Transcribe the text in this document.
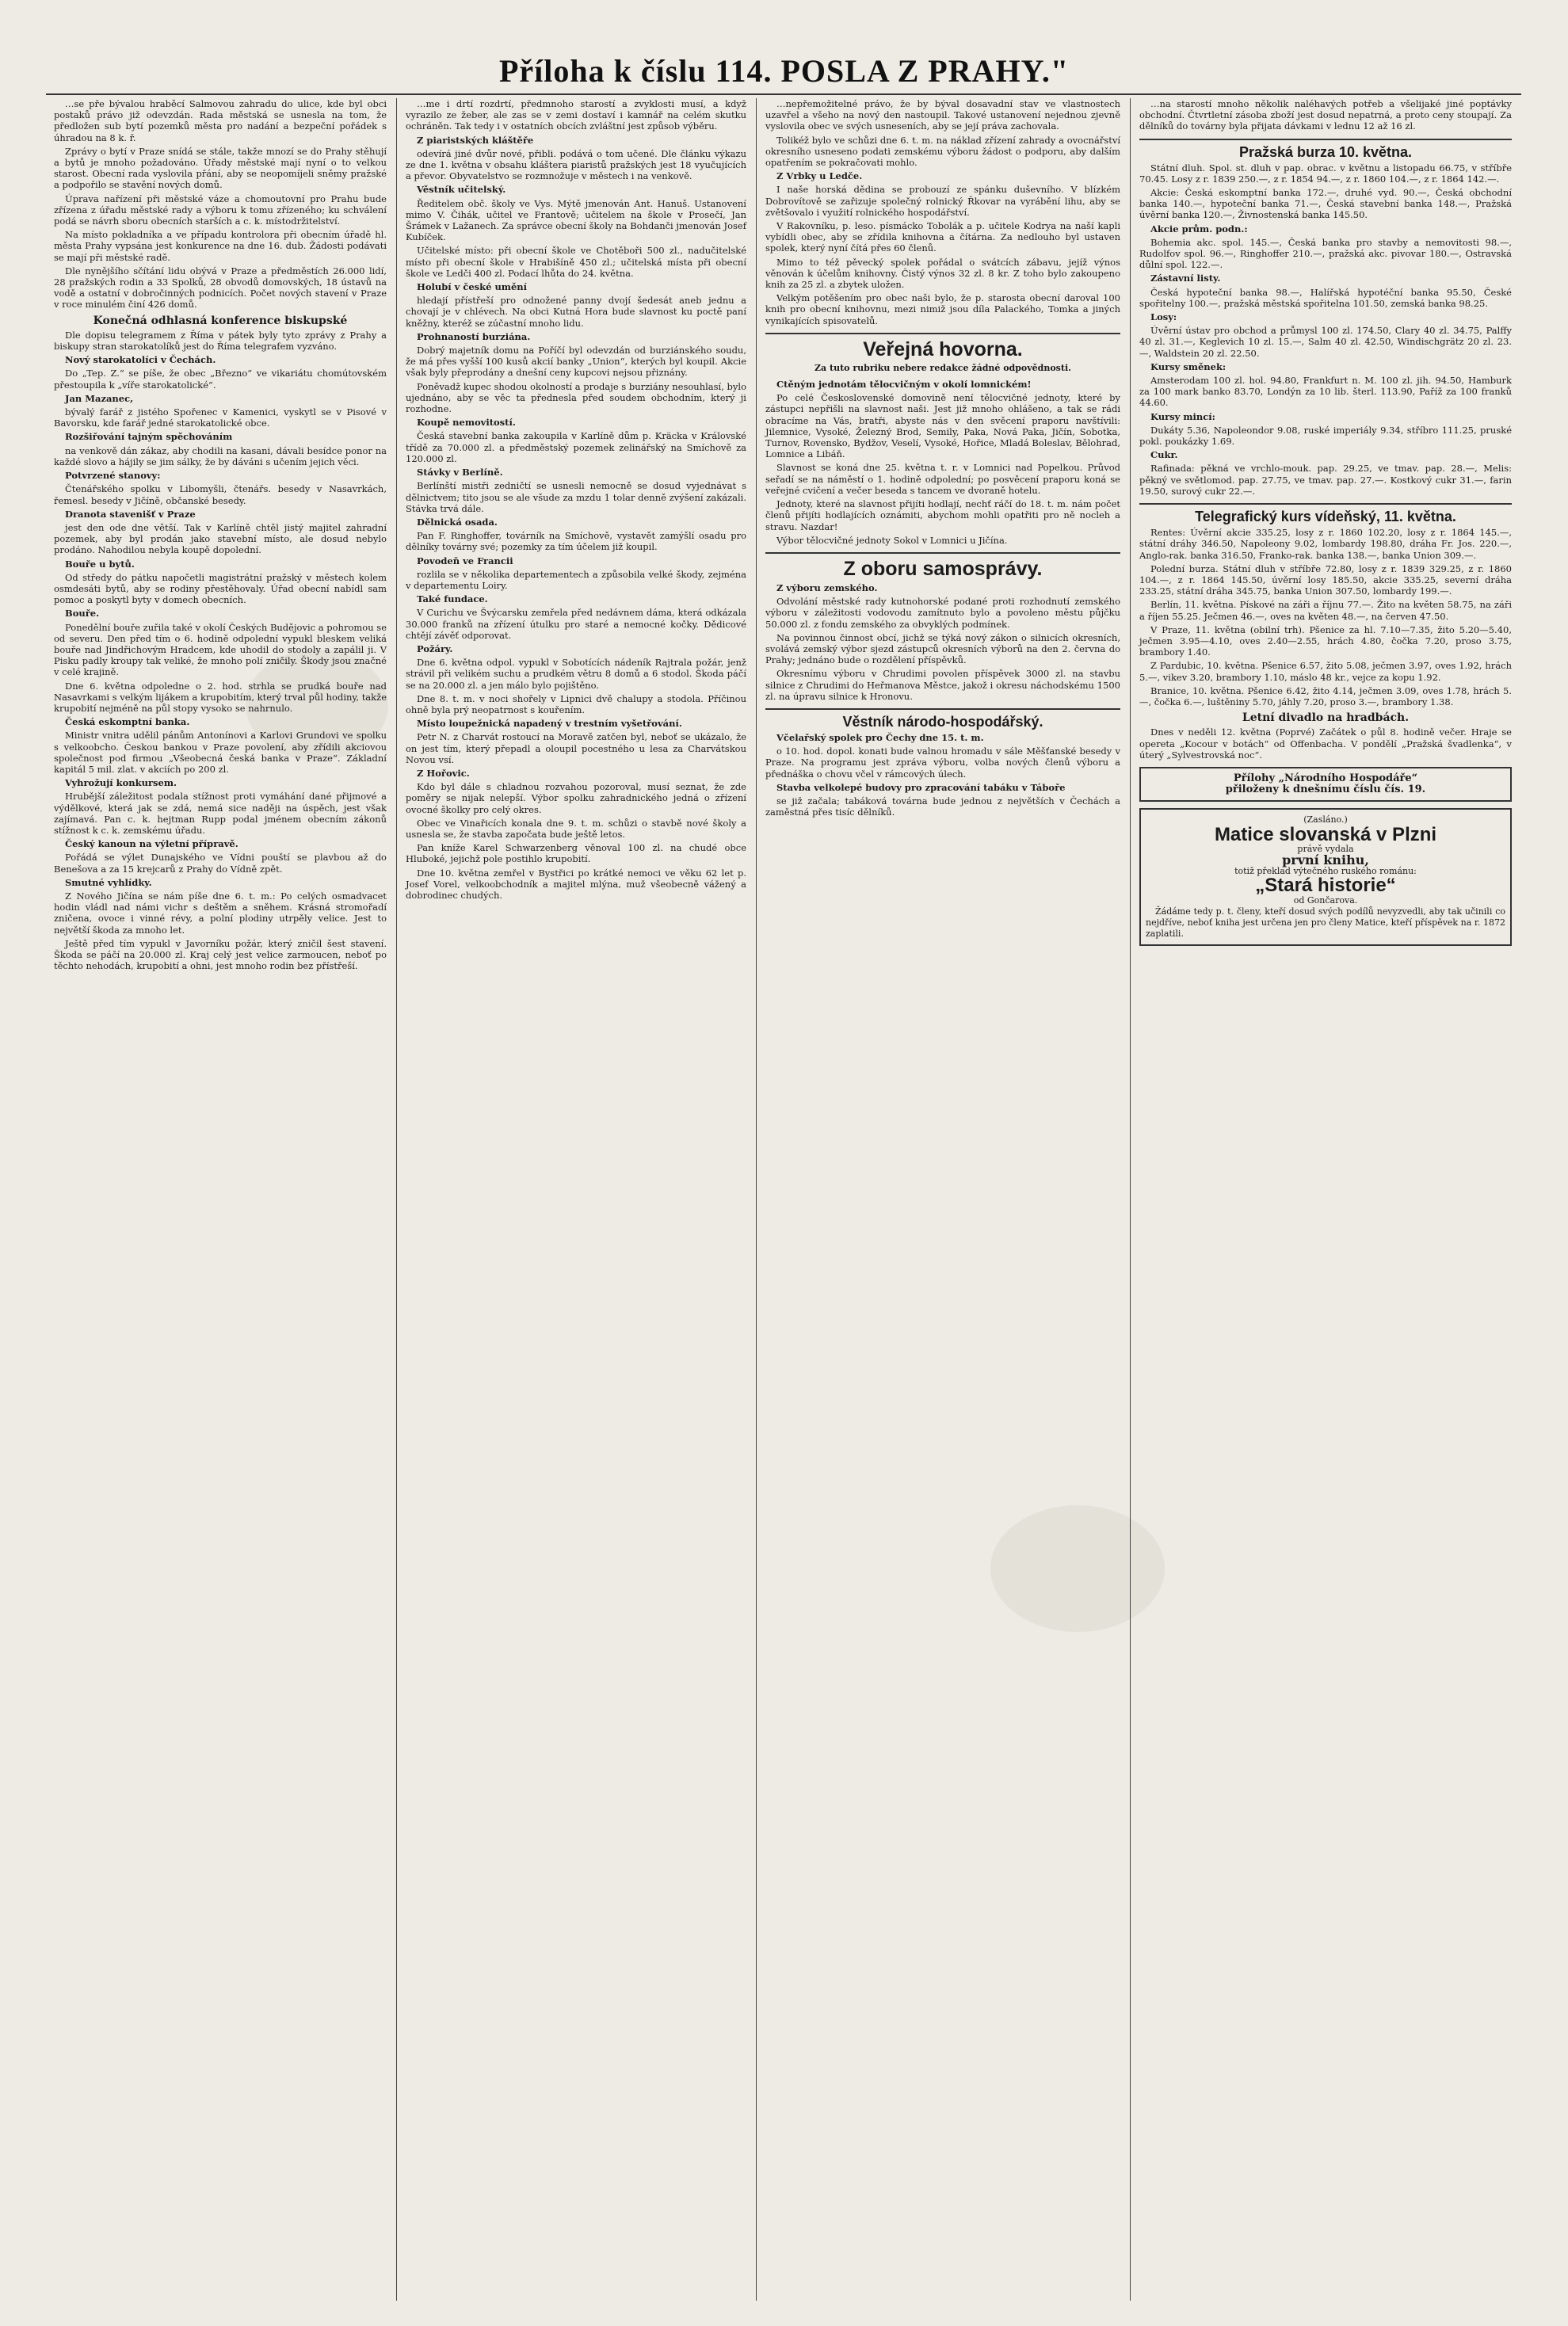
Příloha k číslu 114. POSLA Z PRAHY."

…se pře bývalou hraběcí Salmovou zahradu do ulice, kde byl obci postaků právo již odevzdán. Rada městská se usnesla na tom, že předložen sub bytí pozemků města pro nadání a bezpeční pořádek s úhradou na 8 k. ř.

Zprávy o bytí v Praze snídá se stále, takže mnozí se do Prahy stěhují a bytů je mnoho požadováno. Úřady městské mají nyní o to velkou starost. Obecní rada vyslovila přání, aby se neopomíjeli sněmy pražské a podpořilo se stavění nových domů.

Úprava nařízení při městské váze a chomoutovní pro Prahu bude zřízena z úřadu městské rady a výboru k tomu zřízeného; ku schválení podá se návrh sboru obecních starších a c. k. místodržitelství.

Na místo pokladníka a ve případu kontrolora při obecním úřadě hl. města Prahy vypsána jest konkurence na dne 16. dub. Žádosti podávati se mají při městské radě.

Dle nynějšího sčítání lidu obývá v Praze a předměstích 26.000 lidí, 28 pražských rodin a 33 Spolků, 28 obvodů domovských, 18 ústavů na vodě a ostatní v dobročinných podnicích. Počet nových stavení v Praze v roce minulém činí 426 domů.

Konečná odhlasná konference biskupské

Dle dopisu telegramem z Říma v pátek byly tyto zprávy z Prahy a biskupy stran starokatolíků jest do Říma telegrafem vyzváno.

Nový starokatolíci v Čechách.

Do „Tep. Z.“ se píše, že obec „Březno“ ve vikariátu chomútovském přestoupila k „víře starokatolické“.

Jan Mazanec,

bývalý farář z jistého Spořenec v Kamenici, vyskytl se v Pisové v Bavorsku, kde farář jedné starokatolické obce.

Rozšiřování tajným spěchováním

na venkově dán zákaz, aby chodili na kasani, dávali besídce ponor na každé slovo a hájily se jim sálky, že by dáváni s učením jejich věci.

Potvrzené stanovy:

Čtenářského spolku v Libomyšli, čtenářs. besedy v Nasavrkách, řemesl. besedy v Jičíně, občanské besedy.

Dranota stavenišť v Praze

jest den ode dne větší. Tak v Karlíně chtěl jistý majitel zahradní pozemek, aby byl prodán jako stavební místo, ale dosud nebylo prodáno. Nahodilou nebyla koupě dopolední.

Bouře u bytů.

Od středy do pátku napočetli magistrátní pražský v městech kolem osmdesáti bytů, aby se rodiny přestěhovaly. Úřad obecní nabídl sam pomoc a poskytl byty v domech obecních.

Bouře.

Ponedělní bouře zuřila také v okolí Českých Budějovic a pohromou se od severu. Den před tím o 6. hodině odpolední vypukl bleskem veliká bouře nad Jindřichovým Hradcem, kde uhodil do stodoly a zapálil ji. V Pisku padly kroupy tak veliké, že mnoho polí zničily. Škody jsou značné v celé krajině.

Dne 6. května odpoledne o 2. hod. strhla se prudká bouře nad Nasavrkami s velkým lijákem a krupobitím, který trval půl hodiny, takže krupobití nejméně na půl stopy vysoko se nahrnulo.

Česká eskomptní banka.

Ministr vnitra udělil pánům Antonínovi a Karlovi Grundovi ve spolku s velkoobcho. Českou bankou v Praze povolení, aby zřídili akciovou společnost pod firmou „Všeobecná česká banka v Praze“. Základní kapitál 5 mil. zlat. v akciích po 200 zl.

Vyhrožují konkursem.

Hrubější záležitost podala stížnost proti vymáhání dané přijmové a výdělkové, která jak se zdá, nemá sice naději na úspěch, jest však zajímavá. Pan c. k. hejtman Rupp podal jménem obecním zákonů stížnost k c. k. zemskému úřadu.

Český kanoun na výletní přípravě.

Pořádá se výlet Dunajského ve Vídni pouští se plavbou až do Benešova a za 15 krejcarů z Prahy do Vídně zpět.

Smutné vyhlídky.

Z Nového Jičína se nám píše dne 6. t. m.: Po celých osmadvacet hodin vládl nad námi vichr s deštěm a sněhem. Krásná stromořadí zničena, ovoce i vinné révy, a polní plodiny utrpěly velice. Jest to největší škoda za mnoho let.

Ještě před tím vypukl v Javorníku požár, který zničil šest stavení. Škoda se páčí na 20.000 zl. Kraj celý jest velice zarmoucen, neboť po těchto nehodách, krupobití a ohni, jest mnoho rodin bez přístřeší.

…me i drtí rozdrtí, předmnoho starostí a zvyklosti musí, a když vyrazilo ze žeber, ale zas se v zemi dostaví i kamnář na celém skutku ochráněn. Tak tedy i v ostatních obcích zvláštní jest způsob výběru.

Z piaristských kláštěře

odevírá jiné dvůr nové, přibli. podává o tom učené. Dle článku výkazu ze dne 1. května v obsahu kláštera piaristů pražských jest 18 vyučujících a převor. Obyvatelstvo se rozmnožuje v městech i na venkově.

Věstník učitelský.

Ředitelem obč. školy ve Vys. Mýtě jmenován Ant. Hanuš. Ustanovení mimo V. Čihák, učitel ve Frantově; učitelem na škole v Prosečí, Jan Šrámek v Lažanech. Za správce obecní školy na Bohdanči jmenován Josef Kubíček.

Učitelské místo: při obecní škole ve Chotěboři 500 zl., nadučitelské místo při obecní škole v Hrabišíně 450 zl.; učitelská místa při obecní škole ve Ledči 400 zl. Podací lhůta do 24. května.

Holubí v české umění

hledají přístřeší pro odnožené panny dvojí šedesát aneb jednu a chovají je v chlévech. Na obci Kutná Hora bude slavnost ku poctě paní kněžny, kteréž se zúčastní mnoho lidu.

Prohnaností burziána.

Dobrý majetník domu na Poříčí byl odevzdán od burziánského soudu, že má přes vyšší 100 kusů akcií banky „Union“, kterých byl koupil. Akcie však byly přeprodány a dnešní ceny kupcovi nejsou přiznány.

Poněvadž kupec shodou okolností a prodaje s burziány nesouhlasí, bylo ujednáno, aby se věc ta přednesla před soudem obchodním, který ji rozhodne.

Koupě nemovitostí.

Česká stavební banka zakoupila v Karlíně dům p. Kräcka v Královské třídě za 70.000 zl. a předměstský pozemek zelinářský na Smíchově za 120.000 zl.

Stávky v Berlíně.

Berlínští mistři zedničtí se usnesli nemocně se dosud vyjednávat s dělnictvem; tito jsou se ale všude za mzdu 1 tolar denně zvýšení zakázali. Stávka trvá dále.

Dělnická osada.

Pan F. Ringhoffer, továrník na Smíchově, vystavět zamýšlí osadu pro dělníky továrny své; pozemky za tím účelem již koupil.

Povodeň ve Francii

rozlila se v několika departementech a způsobila velké škody, zejména v departementu Loiry.

Také fundace.

V Curichu ve Švýcarsku zemřela před nedávnem dáma, která odkázala 30.000 franků na zřízení útulku pro staré a nemocné kočky. Dědicové chtějí závěť odporovat.

Požáry.

Dne 6. května odpol. vypukl v Sobotících nádeník Rajtrala požár, jenž strávil při velikém suchu a prudkém větru 8 domů a 6 stodol. Škoda páčí se na 20.000 zl. a jen málo bylo pojištěno.

Dne 8. t. m. v noci shořely v Lipnici dvě chalupy a stodola. Příčinou ohně byla prý neopatrnost s kouřením.

Místo loupežnická napadený v trestním vyšetřování.

Petr N. z Charvát rostoucí na Moravě zatčen byl, neboť se ukázalo, že on jest tím, který přepadl a oloupil pocestného u lesa za Charvátskou Novou vsí.

Z Hořovic.

Kdo byl dále s chladnou rozvahou pozoroval, musí seznat, že zde poměry se nijak nelepší. Výbor spolku zahradnického jedná o zřízení ovocné školky pro celý okres.

Obec ve Vinařicích konala dne 9. t. m. schůzi o stavbě nové školy a usnesla se, že stavba započata bude ještě letos.

Pan kníže Karel Schwarzenberg věnoval 100 zl. na chudé obce Hluboké, jejichž pole postihlo krupobití.

Dne 10. května zemřel v Bystřici po krátké nemoci ve věku 62 let p. Josef Vorel, velkoobchodník a majitel mlýna, muž všeobecně vážený a dobrodinec chudých.

…nepřemožitelné právo, že by býval dosavadní stav ve vlastnostech uzavřel a všeho na nový den nastoupil. Takové ustanovení nejednou zjevně vyslovila obec ve svých usneseních, aby se její práva zachovala.

Tolikéž bylo ve schůzi dne 6. t. m. na náklad zřízení zahrady a ovocnářství okresního usneseno podati zemskému výboru žádost o podporu, aby dalším opatřením se pokračovati mohlo.

Z Vrbky u Ledče.

I naše horská dědina se probouzí ze spánku duševního. V blízkém Dobrovítově se zařizuje společný rolnický Řkovar na vyrábění lihu, aby se zvětšovalo i využití rolnického hospodářství.

V Rakovníku, p. leso. písmácko Tobolák a p. učitele Kodrya na naší kapli vybídli obec, aby se zřídila knihovna a čítárna. Za nedlouho byl ustaven spolek, který nyní čítá přes 60 členů.

Mimo to též pěvecký spolek pořádal o svátcích zábavu, jejíž výnos věnován k účelům knihovny. Čistý výnos 32 zl. 8 kr. Z toho bylo zakoupeno knih za 25 zl. a zbytek uložen.

Velkým potěšením pro obec naši bylo, že p. starosta obecní daroval 100 knih pro obecní knihovnu, mezi nimiž jsou díla Palackého, Tomka a jiných vynikajících spisovatelů.

Veřejná hovorna.
Za tuto rubriku nebere redakce žádné odpovědnosti.

Ctěným jednotám tělocvičným v okolí lomnickém!

Po celé Československé domovině není tělocvičné jednoty, které by zástupci nepřišli na slavnost naši. Jest již mnoho ohlášeno, a tak se rádi obracíme na Vás, bratři, abyste nás v den svěcení praporu navštívili: Jilemnice, Vysoké, Železný Brod, Semily, Paka, Nová Paka, Jičín, Sobotka, Turnov, Rovensko, Bydžov, Veselí, Vysoké, Hořice, Mladá Boleslav, Bělohrad, Lomnice a Libáň.

Slavnost se koná dne 25. května t. r. v Lomnici nad Popelkou. Průvod seřadí se na náměstí o 1. hodině odpolední; po posvěcení praporu koná se veřejné cvičení a večer beseda s tancem ve dvoraně hotelu.

Jednoty, které na slavnost přijíti hodlají, nechť ráčí do 18. t. m. nám počet členů přijíti hodlajících oznámiti, abychom mohli opatřiti pro ně nocleh a stravu. Nazdar!

Výbor tělocvičné jednoty Sokol v Lomnici u Jičína.

Z oboru samosprávy.

Z výboru zemského.

Odvolání městské rady kutnohorské podané proti rozhodnutí zemského výboru v záležitosti vodovodu zamítnuto bylo a povoleno městu půjčku 50.000 zl. z fondu zemského za obvyklých podmínek.

Na povinnou činnost obcí, jichž se týká nový zákon o silnicích okresních, svolává zemský výbor sjezd zástupců okresních výborů na den 2. června do Prahy; jednáno bude o rozdělení příspěvků.

Okresnímu výboru v Chrudimi povolen příspěvek 3000 zl. na stavbu silnice z Chrudimi do Heřmanova Městce, jakož i okresu náchodskému 1500 zl. na úpravu silnice k Hronovu.

Věstník národo-hospodářský.

Včelařský spolek pro Čechy dne 15. t. m.

o 10. hod. dopol. konati bude valnou hromadu v sále Měšťanské besedy v Praze. Na programu jest zpráva výboru, volba nových členů výboru a přednáška o chovu včel v rámcových úlech.

Stavba velkolepé budovy pro zpracování tabáku v Táboře

se již začala; tabáková továrna bude jednou z největších v Čechách a zaměstná přes tisíc dělníků.

…na starostí mnoho několik naléhavých potřeb a všelijaké jiné poptávky obchodní. Čtvrtletní zásoba zboží jest dosud nepatrná, a proto ceny stoupají. Za dělníků do továrny byla přijata dávkami v lednu 12 až 16 zl.

Pražská burza 10. května.

Státní dluh. Spol. st. dluh v pap. obrac. v květnu a listopadu 66.75, v stříbře 70.45. Losy z r. 1839 250.—, z r. 1854 94.—, z r. 1860 104.—, z r. 1864 142.—.

Akcie: Česká eskomptní banka 172.—, druhé vyd. 90.—, Česká obchodní banka 140.—, hypoteční banka 71.—, Česká stavební banka 148.—, Pražská úvěrní banka 120.—, Živnostenská banka 145.50.

Akcie prům. podn.:

Bohemia akc. spol. 145.—, Česká banka pro stavby a nemovitosti 98.—, Rudolfov spol. 96.—, Ringhoffer 210.—, pražská akc. pivovar 180.—, Ostravská důlní spol. 122.—.

Zástavní listy.

Česká hypoteční banka 98.—, Halířská hypotéční banka 95.50, České spořitelny 100.—, pražská městská spořitelna 101.50, zemská banka 98.25.

Losy:

Úvěrní ústav pro obchod a průmysl 100 zl. 174.50, Clary 40 zl. 34.75, Palffy 40 zl. 31.—, Keglevich 10 zl. 15.—, Salm 40 zl. 42.50, Windischgrätz 20 zl. 23.—, Waldstein 20 zl. 22.50.

Kursy směnek:

Amsterodam 100 zl. hol. 94.80, Frankfurt n. M. 100 zl. jih. 94.50, Hamburk za 100 mark banko 83.70, Londýn za 10 lib. šterl. 113.90, Paříž za 100 franků 44.60.

Kursy mincí:

Dukáty 5.36, Napoleondor 9.08, ruské imperiály 9.34, stříbro 111.25, pruské pokl. poukázky 1.69.

Cukr.

Rafinada: pěkná ve vrchlo-mouk. pap. 29.25, ve tmav. pap. 28.—, Melis: pěkný ve světlomod. pap. 27.75, ve tmav. pap. 27.—. Kostkový cukr 31.—, farin 19.50, surový cukr 22.—.

Telegrafický kurs vídeňský, 11. května.

Rentes: Úvěrní akcie 335.25, losy z r. 1860 102.20, losy z r. 1864 145.—, státní dráhy 346.50, Napoleony 9.02, lombardy 198.80, dráha Fr. Jos. 220.—, Anglo-rak. banka 316.50, Franko-rak. banka 138.—, banka Union 309.—.

Polední burza. Státní dluh v stříbře 72.80, losy z r. 1839 329.25, z r. 1860 104.—, z r. 1864 145.50, úvěrní losy 185.50, akcie 335.25, severní dráha 233.25, státní dráha 345.75, banka Union 307.50, lombardy 199.—.

Berlín, 11. května. Pískové na záři a říjnu 77.—. Žito na květen 58.75, na záři a říjen 55.25. Ječmen 46.—, oves na květen 48.—, na červen 47.50.

V Praze, 11. května (obilní trh). Pšenice za hl. 7.10—7.35, žito 5.20—5.40, ječmen 3.95—4.10, oves 2.40—2.55, hrách 4.80, čočka 7.20, proso 3.75, brambory 1.40.

Z Pardubic, 10. května. Pšenice 6.57, žito 5.08, ječmen 3.97, oves 1.92, hrách 5.—, vikev 3.20, brambory 1.10, máslo 48 kr., vejce za kopu 1.92.

Branice, 10. května. Pšenice 6.42, žito 4.14, ječmen 3.09, oves 1.78, hrách 5.—, čočka 6.—, luštěniny 5.70, jáhly 7.20, proso 3.—, brambory 1.38.

Letní divadlo na hradbách.

Dnes v neděli 12. května (Poprvé) Začátek o půl 8. hodině večer. Hraje se opereta „Kocour v botách“ od Offenbacha. V pondělí „Pražská švadlenka“, v úterý „Sylvestrovská noc“.

Přílohy „Národního Hospodáře“
přiloženy k dnešnímu číslu čís. 19.
(Zasláno.)
Matice slovanská v Plzni
právě vydala
první knihu,
totiž překlad výtečného ruského románu:
„Stará historie“
od Gončarova.
Žádáme tedy p. t. členy, kteří dosud svých podílů nevyzvedli, aby tak učinili co nejdříve, neboť kniha jest určena jen pro členy Matice, kteří příspěvek na r. 1872 zaplatili.
